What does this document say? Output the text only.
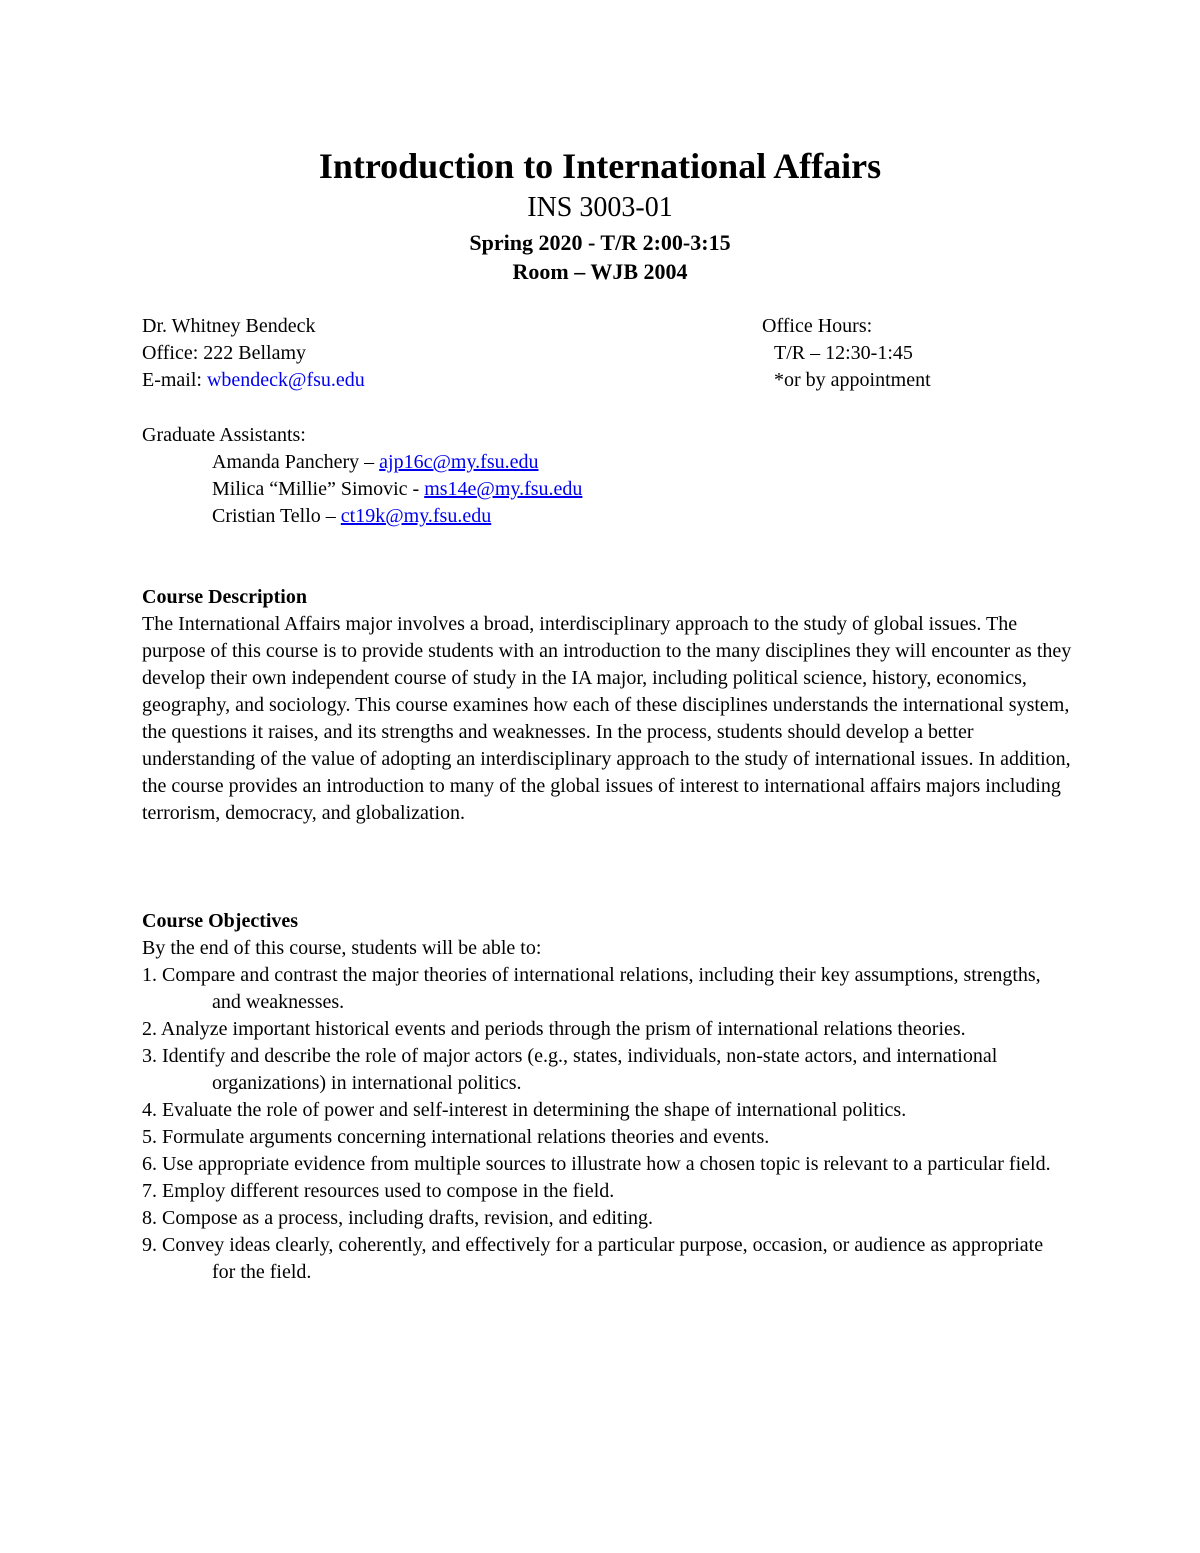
Introduction to International Affairs
INS 3003-01
Spring 2020 - T/R 2:00-3:15
Room – WJB 2004
Dr. Whitney Bendeck
Office: 222 Bellamy
E-mail: wbendeck@fsu.edu
Office Hours:
T/R – 12:30-1:45
*or by appointment
Graduate Assistants:
Amanda Panchery – ajp16c@my.fsu.edu
Milica “Millie” Simovic - ms14e@my.fsu.edu
Cristian Tello – ct19k@my.fsu.edu
Course Description
The International Affairs major involves a broad, interdisciplinary approach to the study of global issues. The purpose of this course is to provide students with an introduction to the many disciplines they will encounter as they develop their own independent course of study in the IA major, including political science, history, economics, geography, and sociology. This course examines how each of these disciplines understands the international system, the questions it raises, and its strengths and weaknesses. In the process, students should develop a better understanding of the value of adopting an interdisciplinary approach to the study of international issues. In addition, the course provides an introduction to many of the global issues of interest to international affairs majors including terrorism, democracy, and globalization.
Course Objectives
By the end of this course, students will be able to:
1. Compare and contrast the major theories of international relations, including their key assumptions, strengths, and weaknesses.
2. Analyze important historical events and periods through the prism of international relations theories.
3. Identify and describe the role of major actors (e.g., states, individuals, non-state actors, and international organizations) in international politics.
4. Evaluate the role of power and self-interest in determining the shape of international politics.
5. Formulate arguments concerning international relations theories and events.
6. Use appropriate evidence from multiple sources to illustrate how a chosen topic is relevant to a particular field.
7. Employ different resources used to compose in the field.
8. Compose as a process, including drafts, revision, and editing.
9. Convey ideas clearly, coherently, and effectively for a particular purpose, occasion, or audience as appropriate for the field.
